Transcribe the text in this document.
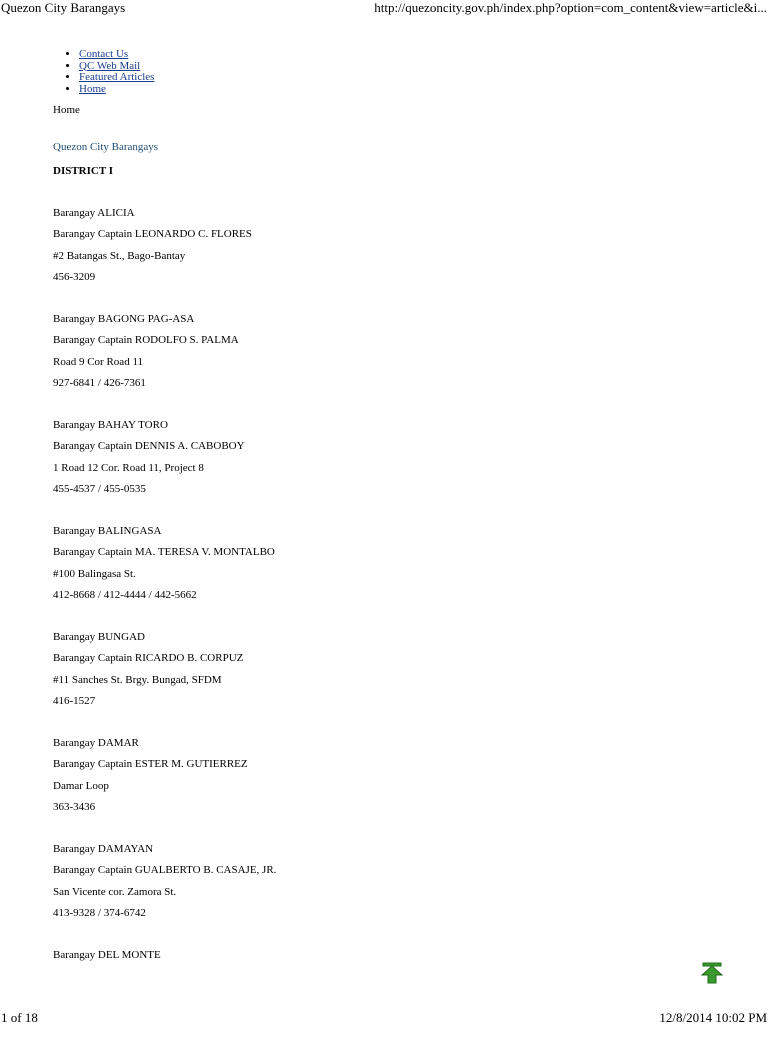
Quezon City Barangays	http://quezoncity.gov.ph/index.php?option=com_content&view=article&i...
• Contact Us
• QC Web Mail
• Featured Articles
• Home
Home
Quezon City Barangays
DISTRICT I
Barangay ALICIA
Barangay Captain LEONARDO C. FLORES
#2 Batangas St., Bago-Bantay
456-3209
Barangay BAGONG PAG-ASA
Barangay Captain RODOLFO S. PALMA
Road 9 Cor Road 11
927-6841 / 426-7361
Barangay BAHAY TORO
Barangay Captain DENNIS A. CABOBOY
1 Road 12 Cor. Road 11, Project 8
455-4537 / 455-0535
Barangay BALINGASA
Barangay Captain MA. TERESA V. MONTALBO
#100 Balingasa St.
412-8668 / 412-4444 / 442-5662
Barangay BUNGAD
Barangay Captain RICARDO B. CORPUZ
#11 Sanches St. Brgy. Bungad, SFDM
416-1527
Barangay DAMAR
Barangay Captain ESTER M. GUTIERREZ
Damar Loop
363-3436
Barangay DAMAYAN
Barangay Captain GUALBERTO B. CASAJE, JR.
San Vicente cor. Zamora St.
413-9328 / 374-6742
Barangay DEL MONTE
1 of 18	12/8/2014 10:02 PM
